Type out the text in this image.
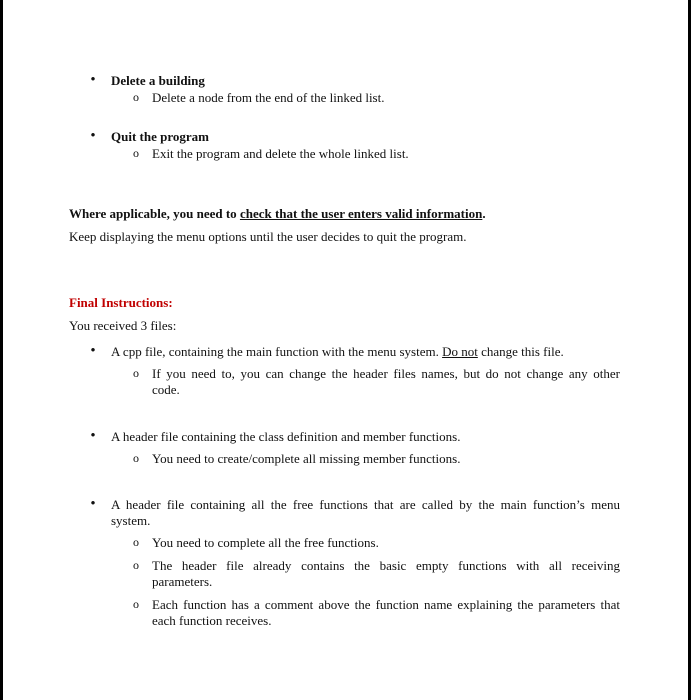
•

Delete a building

o

Delete a node from the end of the linked list.

•

Quit the program

o

Exit the program and delete the whole linked list.

Where applicable, you need to check that the user enters valid information.

Keep displaying the menu options until the user decides to quit the program.

Final Instructions:

You received 3 files:

•

A cpp file, containing the main function with the menu system. Do not change this file.

o

If you need to, you can change the header files names, but do not change any other

code.

•

A header file containing the class definition and member functions.

o

You need to create/complete all missing member functions.

•

A header file containing all the free functions that are called by the main function’s menu

system.

o

You need to complete all the free functions.

o

The header file already contains the basic empty functions with all receiving

parameters.

o

Each function has a comment above the function name explaining the parameters that

each function receives.
